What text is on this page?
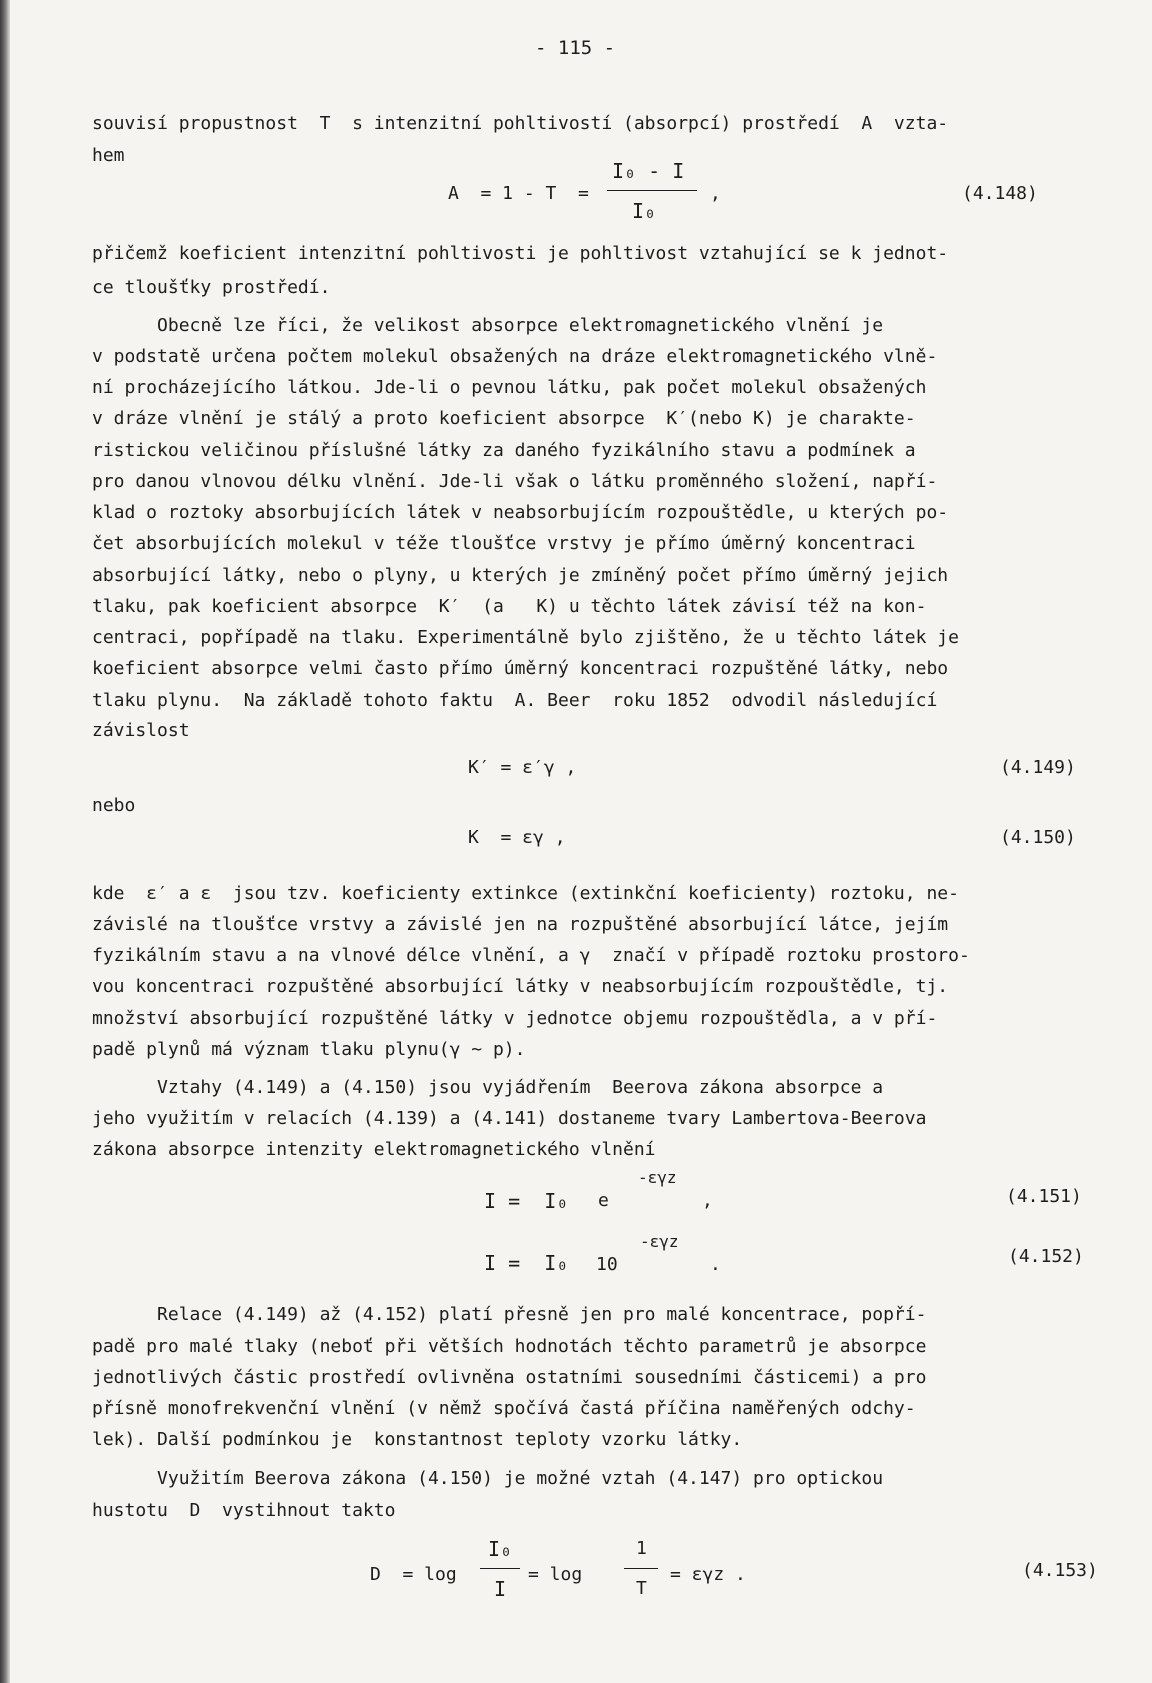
- 115 -
souvisí propustnost  T  s intenzitní pohltivostí (absorpcí) prostředí  A  vzta-
hem
A  = 1 - T  =
I₀ - I
I₀
,	(4.148)
přičemž koeficient intenzitní pohltivosti je pohltivost vztahující se k jednot-
ce tloušťky prostředí.
Obecně lze říci, že velikost absorpce elektromagnetického vlnění je
v podstatě určena počtem molekul obsažených na dráze elektromagnetického vlně-
ní procházejícího látkou. Jde-li o pevnou látku, pak počet molekul obsažených
v dráze vlnění je stálý a proto koeficient absorpce  K′(nebo K) je charakte-
ristickou veličinou příslušné látky za daného fyzikálního stavu a podmínek a
pro danou vlnovou délku vlnění. Jde-li však o látku proměnného složení, napří-
klad o roztoky absorbujících látek v neabsorbujícím rozpouštědle, u kterých po-
čet absorbujících molekul v téže tloušťce vrstvy je přímo úměrný koncentraci
absorbující látky, nebo o plyny, u kterých je zmíněný počet přímo úměrný jejich
tlaku, pak koeficient absorpce  K′  (a   K) u těchto látek závisí též na kon-
centraci, popřípadě na tlaku. Experimentálně bylo zjištěno, že u těchto látek je
koeficient absorpce velmi často přímo úměrný koncentraci rozpuštěné látky, nebo
tlaku plynu.  Na základě tohoto faktu  A. Beer  roku 1852  odvodil následující
závislost
K′ = ε′γ ,	(4.149)
nebo
K  = εγ ,	(4.150)
kde  ε′ a ε  jsou tzv. koeficienty extinkce (extinkční koeficienty) roztoku, ne-
závislé na tloušťce vrstvy a závislé jen na rozpuštěné absorbující látce, jejím
fyzikálním stavu a na vlnové délce vlnění, a γ  značí v případě roztoku prostoro-
vou koncentraci rozpuštěné absorbující látky v neabsorbujícím rozpouštědle, tj.
množství absorbující rozpuštěné látky v jednotce objemu rozpouštědla, a v pří-
padě plynů má význam tlaku plynu(γ ~ p).
Vztahy (4.149) a (4.150) jsou vyjádřením  Beerova zákona absorpce a
jeho využitím v relacích (4.139) a (4.141) dostaneme tvary Lambertova-Beerova
zákona absorpce intenzity elektromagnetického vlnění
I =  I₀ e
-εγz
,	(4.151)
I =  I₀ 10
-εγz
.	(4.152)
Relace (4.149) až (4.152) platí přesně jen pro malé koncentrace, popří-
padě pro malé tlaky (neboť při větších hodnotách těchto parametrů je absorpce
jednotlivých částic prostředí ovlivněna ostatními sousedními částicemi) a pro
přísně monofrekvenční vlnění (v němž spočívá častá příčina naměřených odchy-
lek). Další podmínkou je  konstantnost teploty vzorku látky.
Využitím Beerova zákona (4.150) je možné vztah (4.147) pro optickou
hustotu  D  vystihnout takto
D  = log
I₀
I
= log
1
T
= εγz .	(4.153)
